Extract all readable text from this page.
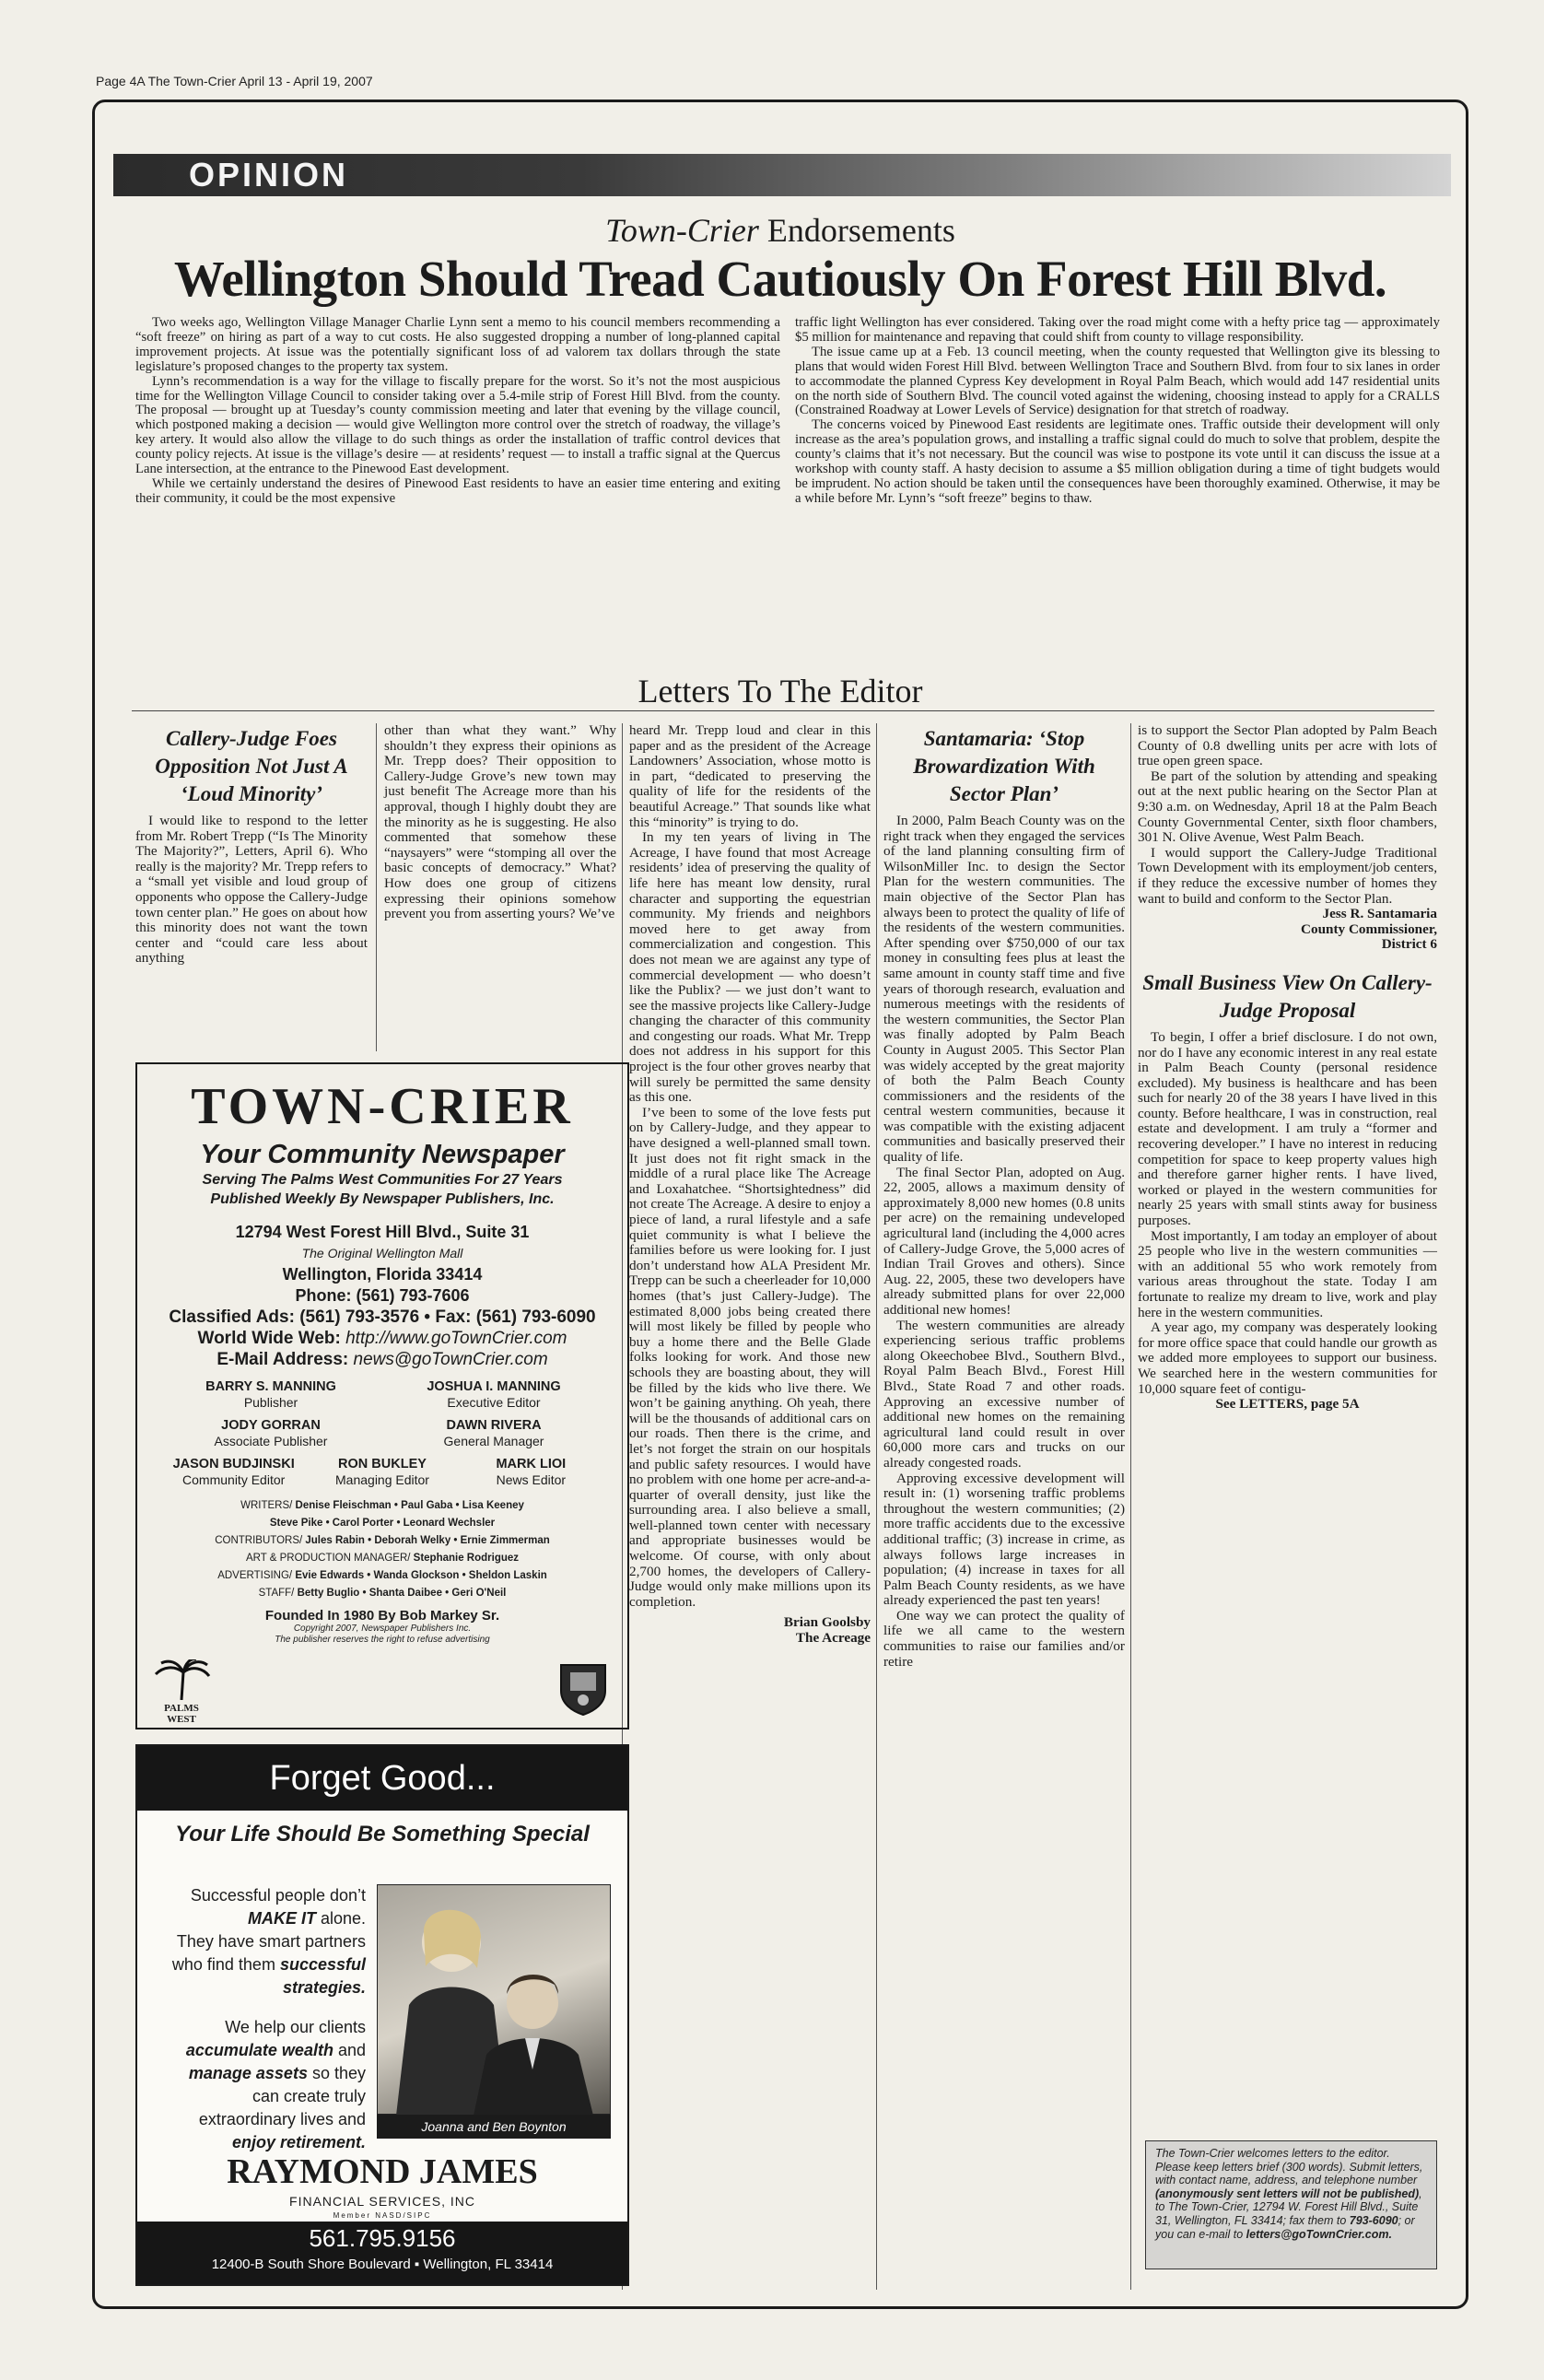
Page 4A The Town-Crier April 13 - April 19, 2007
OPINION
Town-Crier Endorsements
Wellington Should Tread Cautiously On Forest Hill Blvd.

Two weeks ago, Wellington Village Manager Charlie Lynn sent a memo to his council members recommending a “soft freeze” on hiring as part of a way to cut costs. He also suggested dropping a number of long-planned capital improvement projects. At issue was the potentially significant loss of ad valorem tax dollars through the state legislature’s proposed changes to the property tax system.

Lynn’s recommendation is a way for the village to fiscally prepare for the worst. So it’s not the most auspicious time for the Wellington Village Council to consider taking over a 5.4-mile strip of Forest Hill Blvd. from the county. The proposal — brought up at Tuesday’s county commission meeting and later that evening by the village council, which postponed making a decision — would give Wellington more control over the stretch of roadway, the village’s key artery. It would also allow the village to do such things as order the installation of traffic control devices that county policy rejects. At issue is the village’s desire — at residents’ request — to install a traffic signal at the Quercus Lane intersection, at the entrance to the Pinewood East development.

While we certainly understand the desires of Pinewood East residents to have an easier time entering and exiting their community, it could be the most expensive

traffic light Wellington has ever considered. Taking over the road might come with a hefty price tag — approximately $5 million for maintenance and repaving that could shift from county to village responsibility.

The issue came up at a Feb. 13 council meeting, when the county requested that Wellington give its blessing to plans that would widen Forest Hill Blvd. between Wellington Trace and Southern Blvd. from four to six lanes in order to accommodate the planned Cypress Key development in Royal Palm Beach, which would add 147 residential units on the north side of Southern Blvd. The council voted against the widening, choosing instead to apply for a CRALLS (Constrained Roadway at Lower Levels of Service) designation for that stretch of roadway.

The concerns voiced by Pinewood East residents are legitimate ones. Traffic outside their development will only increase as the area’s population grows, and installing a traffic signal could do much to solve that problem, despite the county’s claims that it’s not necessary. But the council was wise to postpone its vote until it can discuss the issue at a workshop with county staff. A hasty decision to assume a $5 million obligation during a time of tight budgets would be imprudent. No action should be taken until the consequences have been thoroughly examined. Otherwise, it may be a while before Mr. Lynn’s “soft freeze” begins to thaw.

Letters To The Editor
Callery-Judge Foes Opposition Not Just A ‘Loud Minority’

I would like to respond to the letter from Mr. Robert Trepp (“Is The Minority The Majority?”, Letters, April 6). Who really is the majority? Mr. Trepp refers to a “small yet visible and loud group of opponents who oppose the Callery-Judge town center plan.” He goes on about how this minority does not want the town center and “could care less about anything

other than what they want.” Why shouldn’t they express their opinions as Mr. Trepp does? Their opposition to Callery-Judge Grove’s new town may just benefit The Acreage more than his approval, though I highly doubt they are the minority as he is suggesting. He also commented that somehow these “naysayers” were “stomping all over the basic concepts of democracy.” What? How does one group of citizens expressing their opinions somehow prevent you from asserting yours? We’ve

heard Mr. Trepp loud and clear in this paper and as the president of the Acreage Landowners’ Association, whose motto is in part, “dedicated to preserving the quality of life for the residents of the beautiful Acreage.” That sounds like what this “minority” is trying to do.

In my ten years of living in The Acreage, I have found that most Acreage residents’ idea of preserving the quality of life here has meant low density, rural character and supporting the equestrian community. My friends and neighbors moved here to get away from commercialization and congestion. This does not mean we are against any type of commercial development — who doesn’t like the Publix? — we just don’t want to see the massive projects like Callery-Judge changing the character of this community and congesting our roads. What Mr. Trepp does not address in his support for this project is the four other groves nearby that will surely be permitted the same density as this one.

I’ve been to some of the love fests put on by Callery-Judge, and they appear to have designed a well-planned small town. It just does not fit right smack in the middle of a rural place like The Acreage and Loxahatchee. “Shortsightedness” did not create The Acreage. A desire to enjoy a piece of land, a rural lifestyle and a safe quiet community is what I believe the families before us were looking for. I just don’t understand how ALA President Mr. Trepp can be such a cheerleader for 10,000 homes (that’s just Callery-Judge). The estimated 8,000 jobs being created there will most likely be filled by people who buy a home there and the Belle Glade folks looking for work. And those new schools they are boasting about, they will be filled by the kids who live there. We won’t be gaining anything. Oh yeah, there will be the thousands of additional cars on our roads. Then there is the crime, and let’s not forget the strain on our hospitals and public safety resources. I would have no problem with one home per acre-and-a-quarter of overall density, just like the surrounding area. I also believe a small, well-planned town center with necessary and appropriate businesses would be welcome. Of course, with only about 2,700 homes, the developers of Callery-Judge would only make millions upon its completion.

Brian Goolsby

The Acreage

Santamaria: ‘Stop Browardization With Sector Plan’

In 2000, Palm Beach County was on the right track when they engaged the services of the land planning consulting firm of WilsonMiller Inc. to design the Sector Plan for the western communities. The main objective of the Sector Plan has always been to protect the quality of life of the residents of the western communities. After spending over $750,000 of our tax money in consulting fees plus at least the same amount in county staff time and five years of thorough research, evaluation and numerous meetings with the residents of the western communities, the Sector Plan was finally adopted by Palm Beach County in August 2005. This Sector Plan was widely accepted by the great majority of both the Palm Beach County commissioners and the residents of the central western communities, because it was compatible with the existing adjacent communities and basically preserved their quality of life.

The final Sector Plan, adopted on Aug. 22, 2005, allows a maximum density of approximately 8,000 new homes (0.8 units per acre) on the remaining undeveloped agricultural land (including the 4,000 acres of Callery-Judge Grove, the 5,000 acres of Indian Trail Groves and others). Since Aug. 22, 2005, these two developers have already submitted plans for over 22,000 additional new homes!

The western communities are already experiencing serious traffic problems along Okeechobee Blvd., Southern Blvd., Royal Palm Beach Blvd., Forest Hill Blvd., State Road 7 and other roads. Approving an excessive number of additional new homes on the remaining agricultural land could result in over 60,000 more cars and trucks on our already congested roads.

Approving excessive development will result in: (1) worsening traffic problems throughout the western communities; (2) more traffic accidents due to the excessive additional traffic; (3) increase in crime, as always follows large increases in population; (4) increase in taxes for all Palm Beach County residents, as we have already experienced the past ten years!

One way we can protect the quality of life we all came to the western communities to raise our families and/or retire

is to support the Sector Plan adopted by Palm Beach County of 0.8 dwelling units per acre with lots of true open green space.

Be part of the solution by attending and speaking out at the next public hearing on the Sector Plan at 9:30 a.m. on Wednesday, April 18 at the Palm Beach County Governmental Center, sixth floor chambers, 301 N. Olive Avenue, West Palm Beach.

I would support the Callery-Judge Traditional Town Development with its employment/job centers, if they reduce the excessive number of homes they want to build and conform to the Sector Plan.

Jess R. Santamaria

County Commissioner,

District 6

Small Business View On Callery-Judge Proposal

To begin, I offer a brief disclosure. I do not own, nor do I have any economic interest in any real estate in Palm Beach County (personal residence excluded). My business is healthcare and has been such for nearly 20 of the 38 years I have lived in this county. Before healthcare, I was in construction, real estate and development. I am truly a “former and recovering developer.” I have no interest in reducing competition for space to keep property values high and therefore garner higher rents. I have lived, worked or played in the western communities for nearly 25 years with small stints away for business purposes.

Most importantly, I am today an employer of about 25 people who live in the western communities — with an additional 55 who work remotely from various areas throughout the state. Today I am fortunate to realize my dream to live, work and play here in the western communities.

A year ago, my company was desperately looking for more office space that could handle our growth as we added more employees to support our business. We searched here in the western communities for 10,000 square feet of contigu-

See LETTERS, page 5A

The Town-Crier welcomes letters to the editor. Please keep letters brief (300 words). Submit letters, with contact name, address, and telephone number (anonymously sent letters will not be published), to The Town-Crier, 12794 W. Forest Hill Blvd., Suite 31, Wellington, FL 33414; fax them to 793-6090; or you can e-mail to letters@goTownCrier.com.
TOWN-CRIER
Your Community Newspaper
Serving The Palms West Communities For 27 Years
Published Weekly By Newspaper Publishers, Inc.
12794 West Forest Hill Blvd., Suite 31
The Original Wellington Mall
Wellington, Florida 33414
Phone: (561) 793-7606
Classified Ads: (561) 793-3576 • Fax: (561) 793-6090
World Wide Web: http://www.goTownCrier.com
E-Mail Address: news@goTownCrier.com
BARRY S. MANNING
Publisher
JOSHUA I. MANNING
Executive Editor
JODY GORRAN
Associate Publisher
DAWN RIVERA
General Manager
JASON BUDJINSKI
Community Editor
RON BUKLEY
Managing Editor
MARK LIOI
News Editor
WRITERS/ Denise Fleischman • Paul Gaba • Lisa Keeney
Steve Pike • Carol Porter • Leonard Wechsler
CONTRIBUTORS/ Jules Rabin • Deborah Welky • Ernie Zimmerman
ART & PRODUCTION MANAGER/ Stephanie Rodriguez
ADVERTISING/ Evie Edwards • Wanda Glockson • Sheldon Laskin
STAFF/ Betty Buglio • Shanta Daibee • Geri O'Neil
Founded In 1980 By Bob Markey Sr.
Copyright 2007, Newspaper Publishers Inc.
The publisher reserves the right to refuse advertising
PALMS WEST
Forget Good...
Your Life Should Be Something Special

Successful people don’t MAKE IT alone.

They have smart partners who find them successful strategies.

We help our clients accumulate wealth and manage assets so they can create truly extraordinary lives and enjoy retirement.

Joanna and Ben Boynton
RAYMOND JAMES
FINANCIAL SERVICES, INC
Member NASD/SIPC
561.795.9156
12400-B South Shore Boulevard ▪ Wellington, FL 33414
